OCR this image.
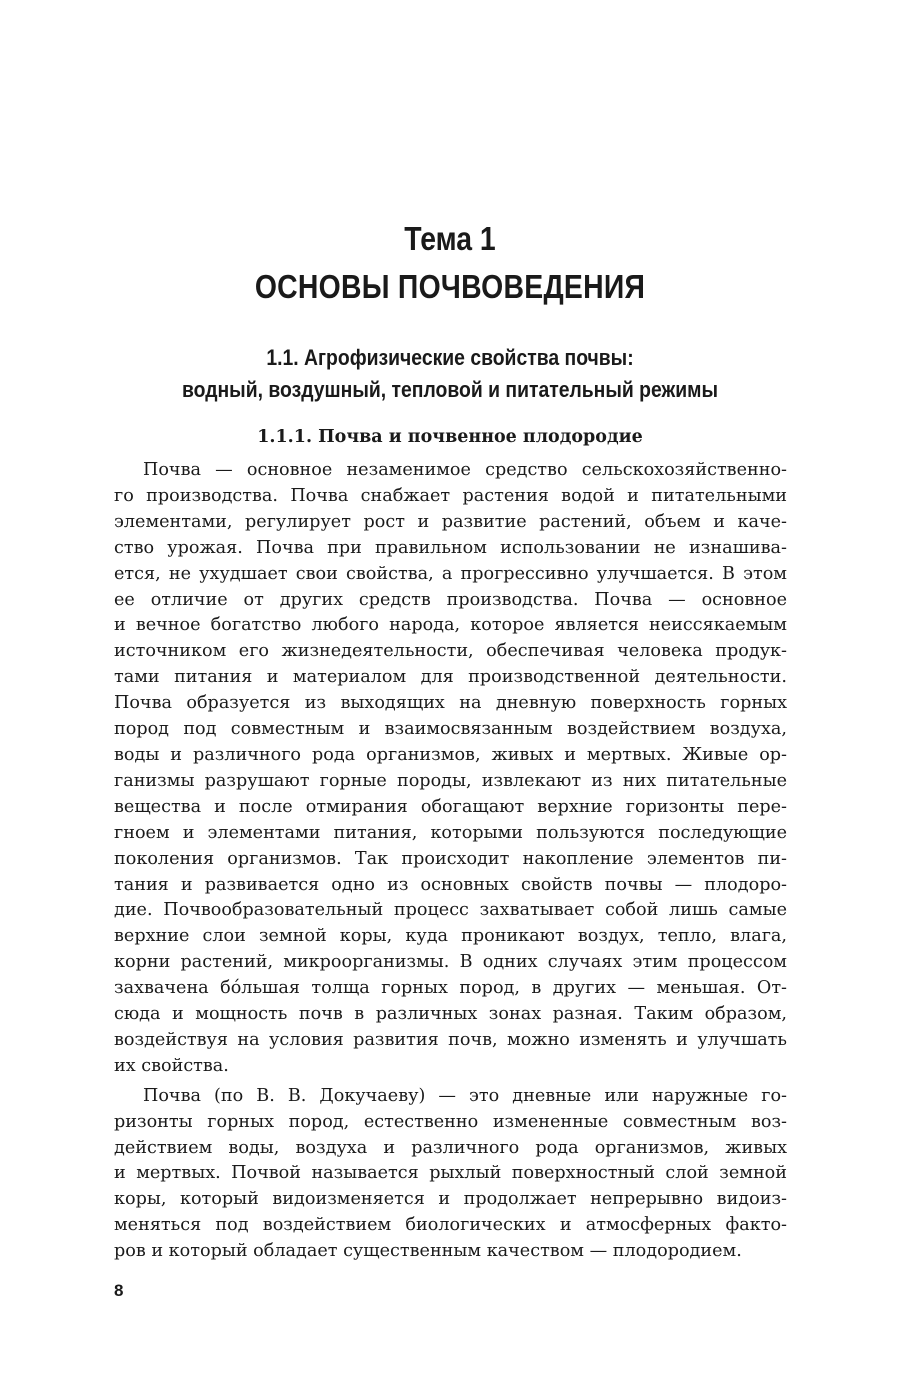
Тема 1
ОСНОВЫ ПОЧВОВЕДЕНИЯ
1.1. Агрофизические свойства почвы:
водный, воздушный, тепловой и питательный режимы
1.1.1. Почва и почвенное плодородие
Почва — основное незаменимое средство сельскохозяйственно-
го производства. Почва снабжает растения водой и питательными
элементами, регулирует рост и развитие растений, объем и каче-
ство урожая. Почва при правильном использовании не изнашива-
ется, не ухудшает свои свойства, а прогрессивно улучшается. В этом
ее отличие от других средств производства. Почва — основное
и вечное богатство любого народа, которое является неиссякаемым
источником его жизнедеятельности, обеспечивая человека продук-
тами питания и материалом для производственной деятельности.
Почва образуется из выходящих на дневную поверхность горных
пород под совместным и взаимосвязанным воздействием воздуха,
воды и различного рода организмов, живых и мертвых. Живые ор-
ганизмы разрушают горные породы, извлекают из них питательные
вещества и после отмирания обогащают верхние горизонты пере-
гноем и элементами питания, которыми пользуются последующие
поколения организмов. Так происходит накопление элементов пи-
тания и развивается одно из основных свойств почвы — плодоро-
дие. Почвообразовательный процесс захватывает собой лишь самые
верхние слои земной коры, куда проникают воздух, тепло, влага,
корни растений, микроорганизмы. В одних случаях этим процессом
захвачена бóльшая толща горных пород, в других — меньшая. От-
сюда и мощность почв в различных зонах разная. Таким образом,
воздействуя на условия развития почв, можно изменять и улучшать
их свойства.
Почва (по В. В. Докучаеву) — это дневные или наружные го-
ризонты горных пород, естественно измененные совместным воз-
действием воды, воздуха и различного рода организмов, живых
и мертвых. Почвой называется рыхлый поверхностный слой земной
коры, который видоизменяется и продолжает непрерывно видоиз-
меняться под воздействием биологических и атмосферных факто-
ров и который обладает существенным качеством — плодородием.
8
